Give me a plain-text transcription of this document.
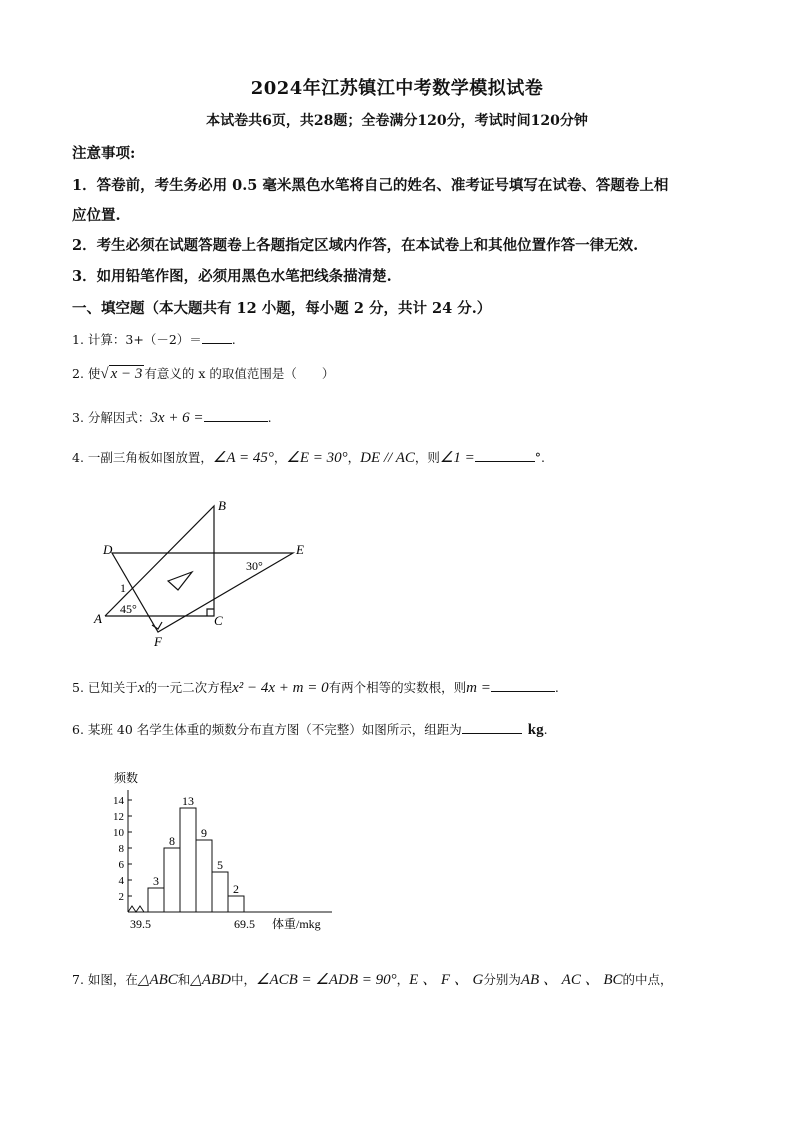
2024年江苏镇江中考数学模拟试卷
本试卷共6页，共28题；全卷满分120分，考试时间120分钟
注意事项:
1．答卷前，考生务必用 0.5 毫米黑色水笔将自己的姓名、准考证号填写在试卷、答题卷上相
应位置.
2．考生必须在试题答题卷上各题指定区域内作答，在本试卷上和其他位置作答一律无效.
3．如用铅笔作图，必须用黑色水笔把线条描清楚.
一、填空题（本大题共有 12 小题，每小题 2 分，共计 24 分.）
1. 计算：3+（－2）＝ .
2. 使√ x − 3 有意义的 x 的取值范围是（　　）
3. 分解因式：3x + 6 =	.
4. 一副三角板如图放置，∠A = 45°，∠E = 30°，DE // AC，则∠1 =	°.
B
D	E
A	C
F
1
45°
30°
5. 已知关于x的一元二次方程x² − 4x + m = 0有两个相等的实数根，则m =	.
6. 某班 40 名学生体重的频数分布直方图（不完整）如图所示，组距为	kg.
频数
2
4
6
8
10
12
14
3
8
13
9
5
2
39.5	69.5 体重/mkg
7. 如图，在△ABC和△ABD中，∠ACB = ∠ADB = 90°，E 、 F 、 G分别为AB 、 AC 、 BC的中点，
